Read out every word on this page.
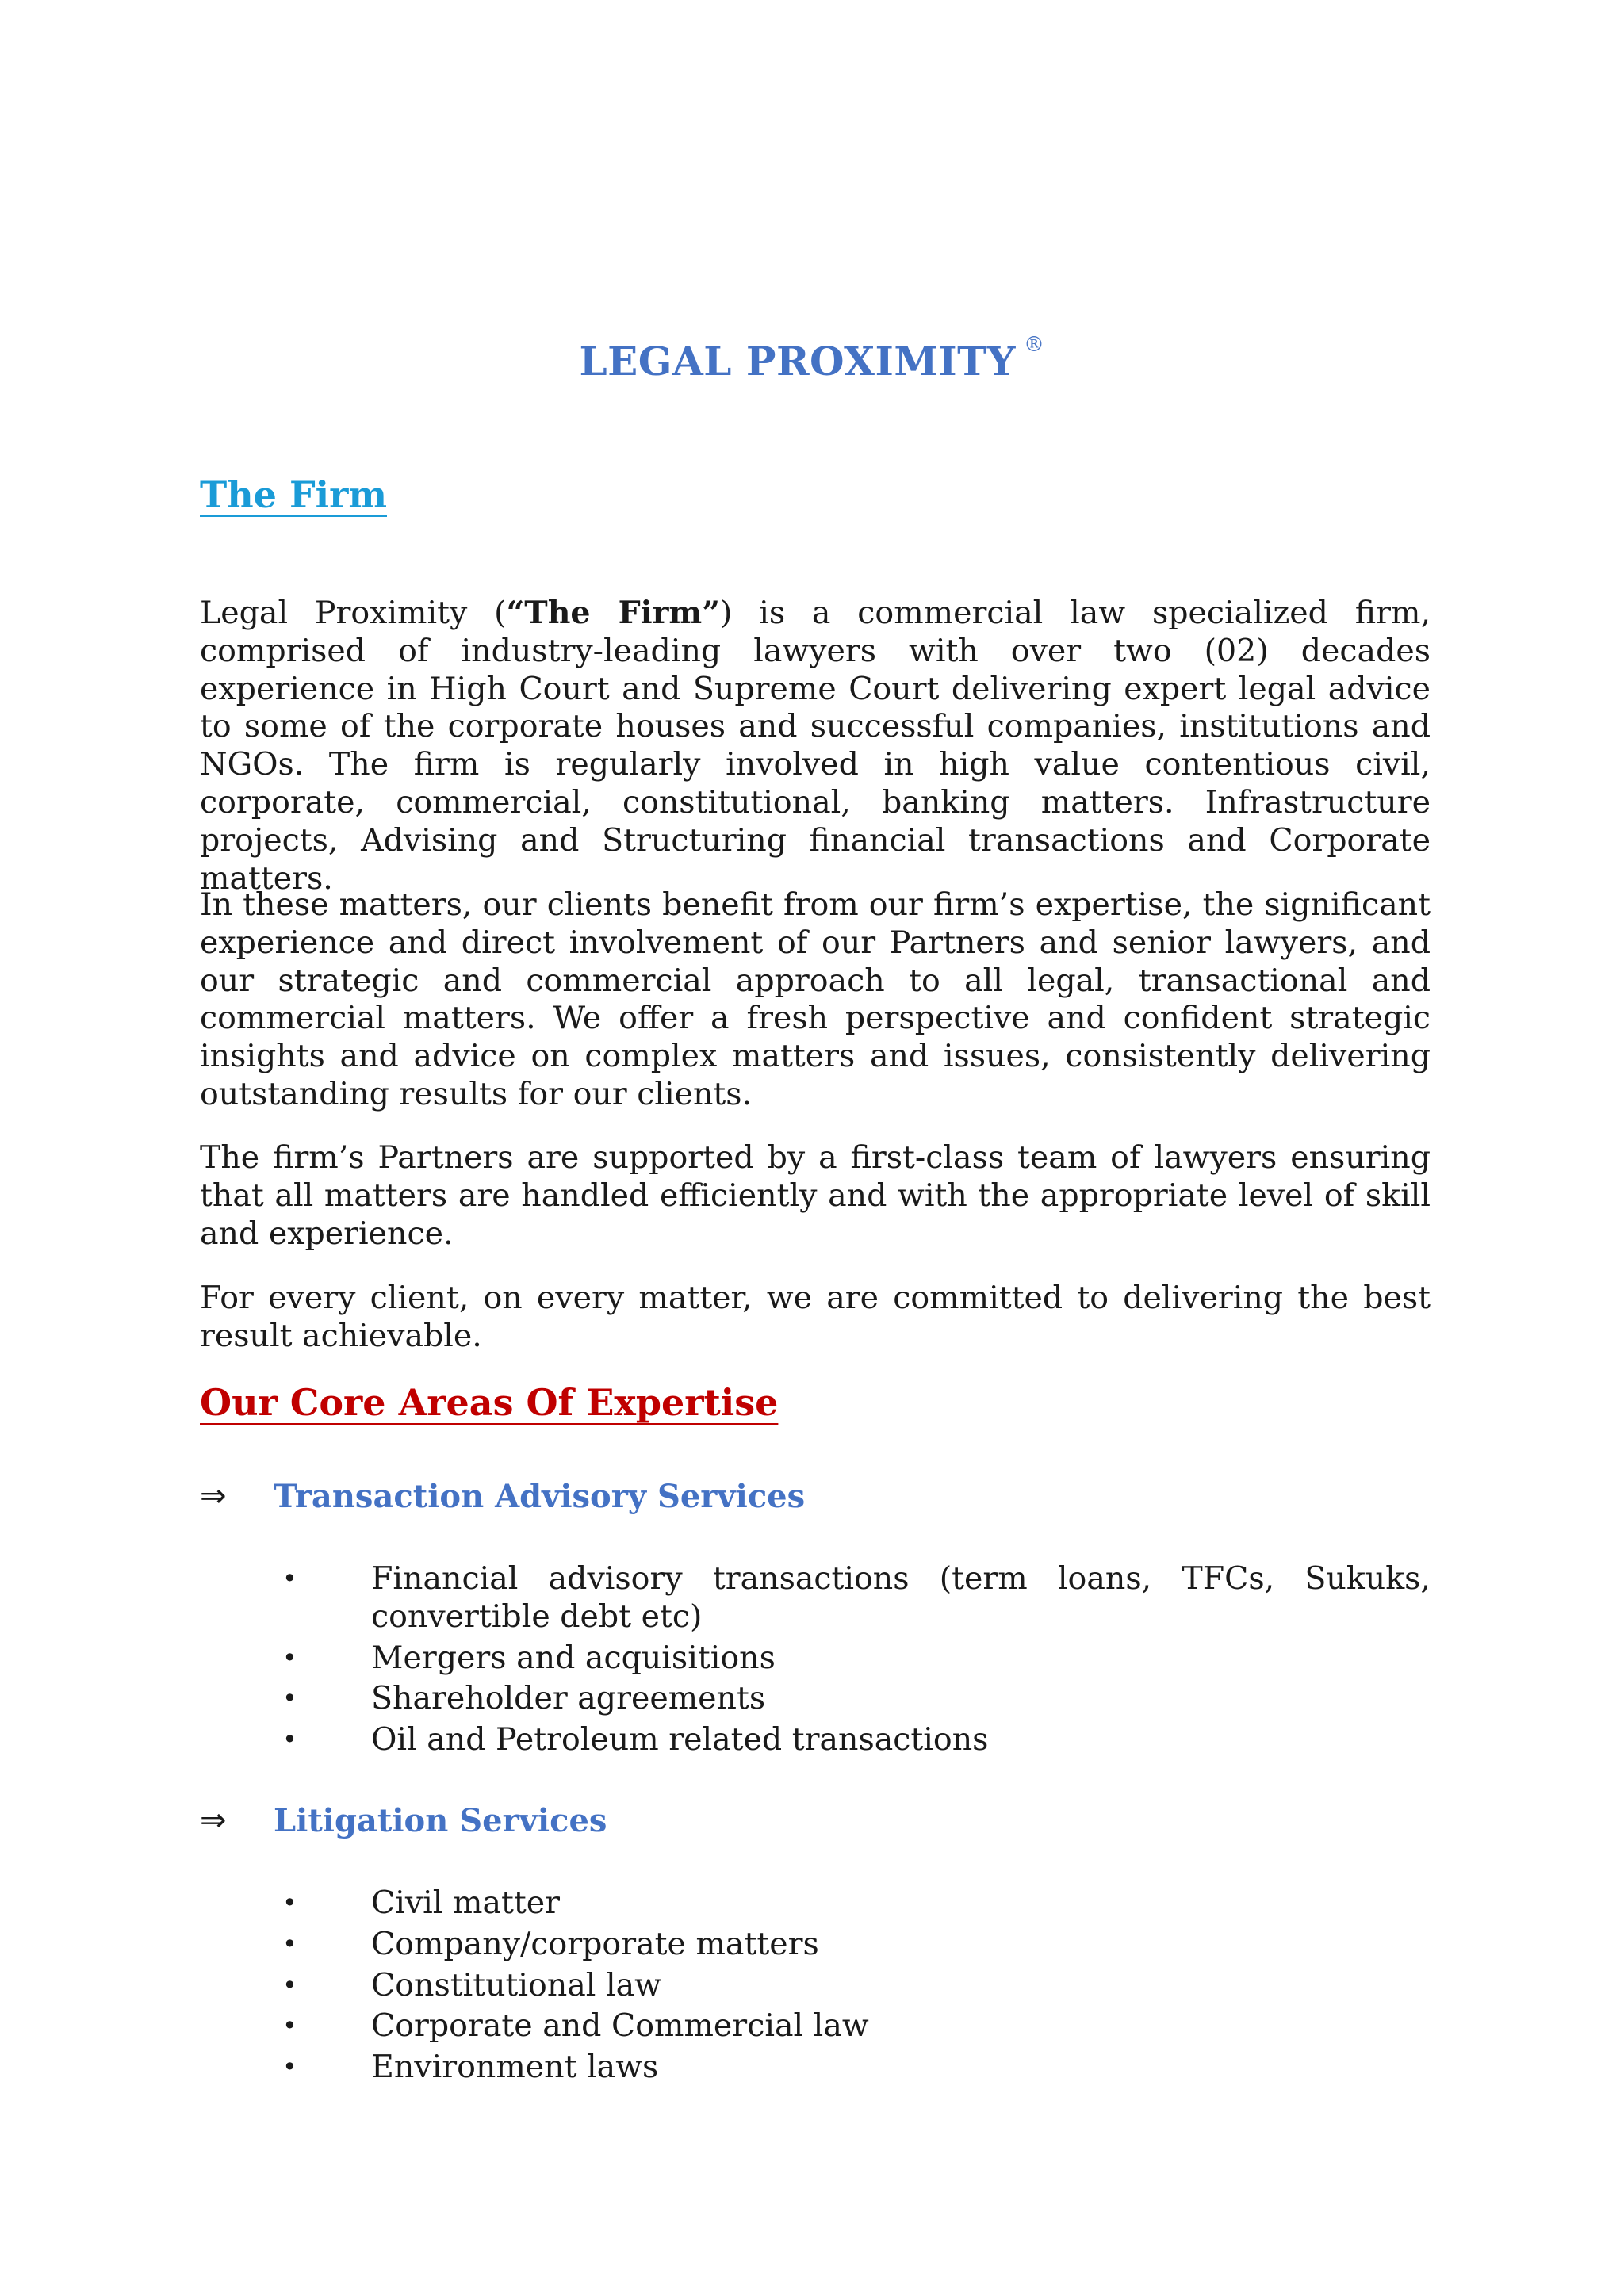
LEGAL PROXIMITY ®
The Firm
Legal Proximity (“The Firm”) is a commercial law specialized firm, comprised of industry-leading lawyers with over two (02) decades experience in High Court and Supreme Court delivering expert legal advice to some of the corporate houses and successful companies, institutions and NGOs. The firm is regularly involved in high value contentious civil, corporate, commercial, constitutional, banking matters. Infrastructure projects, Advising and Structuring financial transactions and Corporate matters.
In these matters, our clients benefit from our firm’s expertise, the significant experience and direct involvement of our Partners and senior lawyers, and our strategic and commercial approach to all legal, transactional and commercial matters. We offer a fresh perspective and confident strategic insights and advice on complex matters and issues, consistently delivering outstanding results for our clients.
The firm’s Partners are supported by a first-class team of lawyers ensuring that all matters are handled efficiently and with the appropriate level of skill and experience.
For every client, on every matter, we are committed to delivering the best result achievable.
Our Core Areas Of Expertise
⇒ Transaction Advisory Services
• Financial advisory transactions (term loans, TFCs, Sukuks, convertible debt etc)
• Mergers and acquisitions
• Shareholder agreements
• Oil and Petroleum related transactions
⇒ Litigation Services
• Civil matter
• Company/corporate matters
• Constitutional law
• Corporate and Commercial law
• Environment laws
